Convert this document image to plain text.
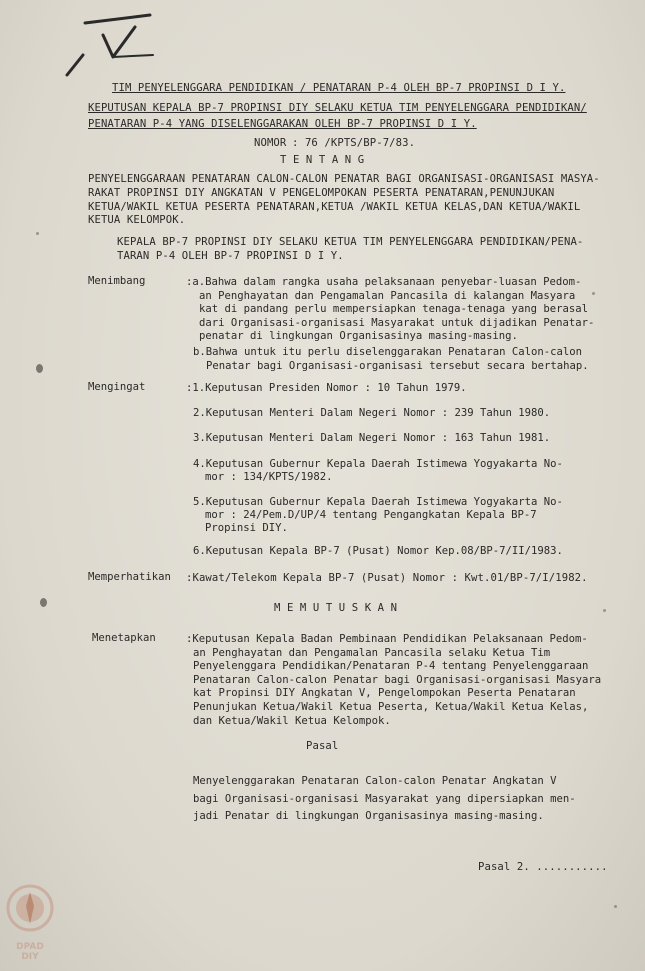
TIM PENYELENGGARA PENDIDIKAN / PENATARAN P-4 OLEH BP-7 PROPINSI D I Y.
KEPUTUSAN KEPALA BP-7 PROPINSI DIY SELAKU KETUA TIM PENYELENGGARA PENDIDIKAN/
PENATARAN P-4 YANG DISELENGGARAKAN OLEH BP-7 PROPINSI D I Y.
NOMOR : 76 /KPTS/BP-7/83.
T E N T A N G
PENYELENGGARAAN PENATARAN CALON-CALON PENATAR BAGI ORGANISASI-ORGANISASI MASYA-
RAKAT PROPINSI DIY ANGKATAN V PENGELOMPOKAN PESERTA PENATARAN,PENUNJUKAN
KETUA/WAKIL KETUA PESERTA PENATARAN,KETUA /WAKIL KETUA KELAS,DAN KETUA/WAKIL
KETUA KELOMPOK.
KEPALA BP-7 PROPINSI DIY SELAKU KETUA TIM PENYELENGGARA PENDIDIKAN/PENA-
TARAN P-4 OLEH BP-7 PROPINSI D I Y.
Menimbang	:a.Bahwa dalam rangka usaha pelaksanaan penyebar-luasan Pedom-
an Penghayatan dan Pengamalan Pancasila di kalangan Masyara
kat di pandang perlu mempersiapkan tenaga-tenaga yang berasal
dari Organisasi-organisasi Masyarakat untuk dijadikan Penatar-
penatar di lingkungan Organisasinya masing-masing.
b.Bahwa untuk itu perlu diselenggarakan Penataran Calon-calon
Penatar bagi Organisasi-organisasi tersebut secara bertahap.
Mengingat	:1.Keputusan Presiden Nomor : 10 Tahun 1979.
2.Keputusan Menteri Dalam Negeri Nomor : 239 Tahun 1980.
3.Keputusan Menteri Dalam Negeri Nomor : 163 Tahun 1981.
4.Keputusan Gubernur Kepala Daerah Istimewa Yogyakarta No-
mor : 134/KPTS/1982.
5.Keputusan Gubernur Kepala Daerah Istimewa Yogyakarta No-
mor : 24/Pem.D/UP/4 tentang Pengangkatan Kepala BP-7
Propinsi DIY.
6.Keputusan Kepala BP-7 (Pusat) Nomor Kep.08/BP-7/II/1983.
Memperhatikan :Kawat/Telekom Kepala BP-7 (Pusat) Nomor : Kwt.01/BP-7/I/1982.
M E M U T U S K A N
Menetapkan	:Keputusan Kepala Badan Pembinaan Pendidikan Pelaksanaan Pedom-
an Penghayatan dan Pengamalan Pancasila selaku Ketua Tim
Penyelenggara Pendidikan/Penataran P-4 tentang Penyelenggaraan
Penataran Calon-calon Penatar bagi Organisasi-organisasi Masyara
kat Propinsi DIY Angkatan V, Pengelompokan Peserta Penataran
Penunjukan Ketua/Wakil Ketua Peserta, Ketua/Wakil Ketua Kelas,
dan Ketua/Wakil Ketua Kelompok.
Pasal
Menyelenggarakan Penataran Calon-calon Penatar Angkatan V
bagi Organisasi-organisasi Masyarakat yang dipersiapkan men-
jadi Penatar di lingkungan Organisasinya masing-masing.
Pasal 2. ...........
DPAD
DIY
